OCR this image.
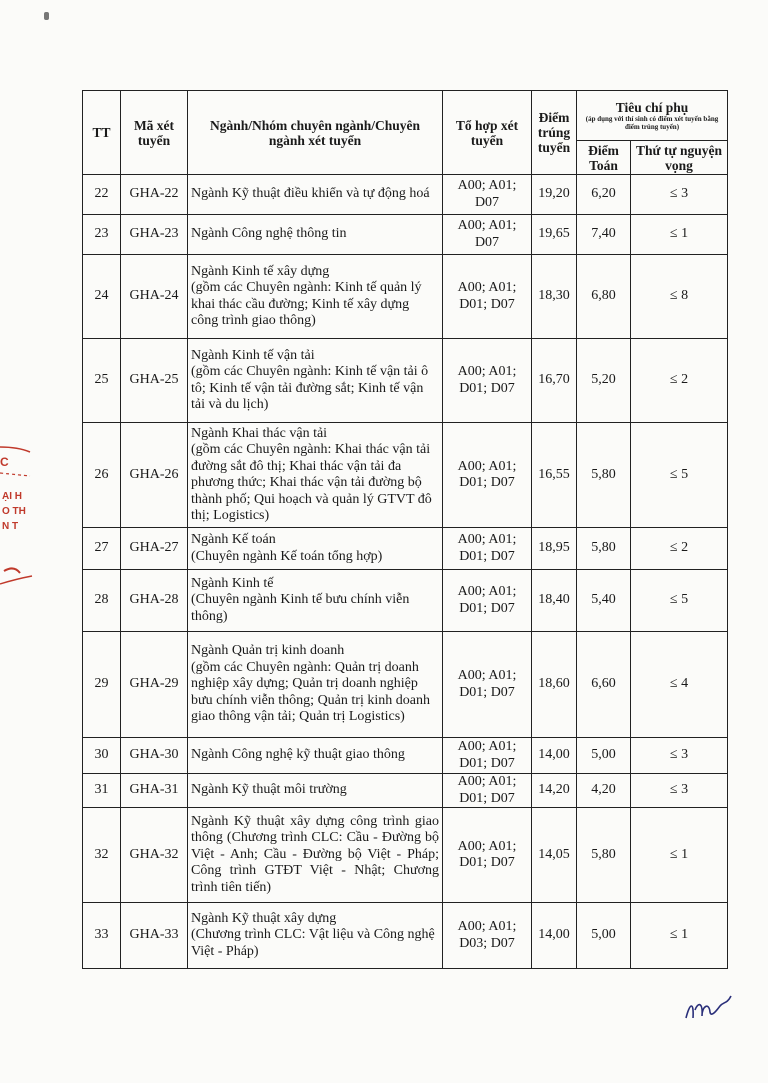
TT	Mã xét tuyển	Ngành/Nhóm chuyên ngành/Chuyên ngành xét tuyển	Tổ hợp xét tuyển	Điểm trúng tuyển	Tiêu chí phụ
(áp dụng với thí sinh có điểm xét tuyển bằng điểm trúng tuyển)	

					Điểm Toán	Thứ tự nguyện vọng
22	GHA-22	Ngành Kỹ thuật điều khiển và tự động hoá	A00; A01; D07	19,20	6,20	≤ 3
23	GHA-23	Ngành Công nghệ thông tin	A00; A01; D07	19,65	7,40	≤ 1
24	GHA-24	Ngành Kinh tế xây dựng
(gồm các Chuyên ngành: Kinh tế quản lý khai thác cầu đường; Kinh tế xây dựng công trình giao thông)	A00; A01; D01; D07	18,30	6,80	≤ 8
25	GHA-25	Ngành Kinh tế vận tải
(gồm các Chuyên ngành: Kinh tế vận tải ô tô; Kinh tế vận tải đường sắt; Kinh tế vận tải và du lịch)	A00; A01; D01; D07	16,70	5,20	≤ 2
26	GHA-26	Ngành Khai thác vận tải
(gồm các Chuyên ngành: Khai thác vận tải đường sắt đô thị; Khai thác vận tải đa phương thức; Khai thác vận tải đường bộ thành phố; Qui hoạch và quản lý GTVT đô thị; Logistics)	A00; A01; D01; D07	16,55	5,80	≤ 5
27	GHA-27	Ngành Kế toán
(Chuyên ngành Kế toán tổng hợp)	A00; A01; D01; D07	18,95	5,80	≤ 2
28	GHA-28	Ngành Kinh tế
(Chuyên ngành Kinh tế bưu chính viễn thông)	A00; A01; D01; D07	18,40	5,40	≤ 5
29	GHA-29	Ngành Quản trị kinh doanh
(gồm các Chuyên ngành: Quản trị doanh nghiệp xây dựng; Quản trị doanh nghiệp bưu chính viễn thông; Quản trị kinh doanh giao thông vận tải; Quản trị Logistics)	A00; A01; D01; D07	18,60	6,60	≤ 4
30	GHA-30	Ngành Công nghệ kỹ thuật giao thông	A00; A01; D01; D07	14,00	5,00	≤ 3
31	GHA-31	Ngành Kỹ thuật môi trường	A00; A01; D01; D07	14,20	4,20	≤ 3
32	GHA-32	Ngành Kỹ thuật xây dựng công trình giao thông (Chương trình CLC: Cầu - Đường bộ Việt - Anh; Cầu - Đường bộ Việt - Pháp; Công trình GTĐT Việt - Nhật; Chương trình tiên tiến)	A00; A01; D01; D07	14,05	5,80	≤ 1
33	GHA-33	Ngành Kỹ thuật xây dựng
(Chương trình CLC: Vật liệu và Công nghệ Việt - Pháp)	A00; A01; D03; D07	14,00	5,00	≤ 1
C
ẠI H
O TH
N T
